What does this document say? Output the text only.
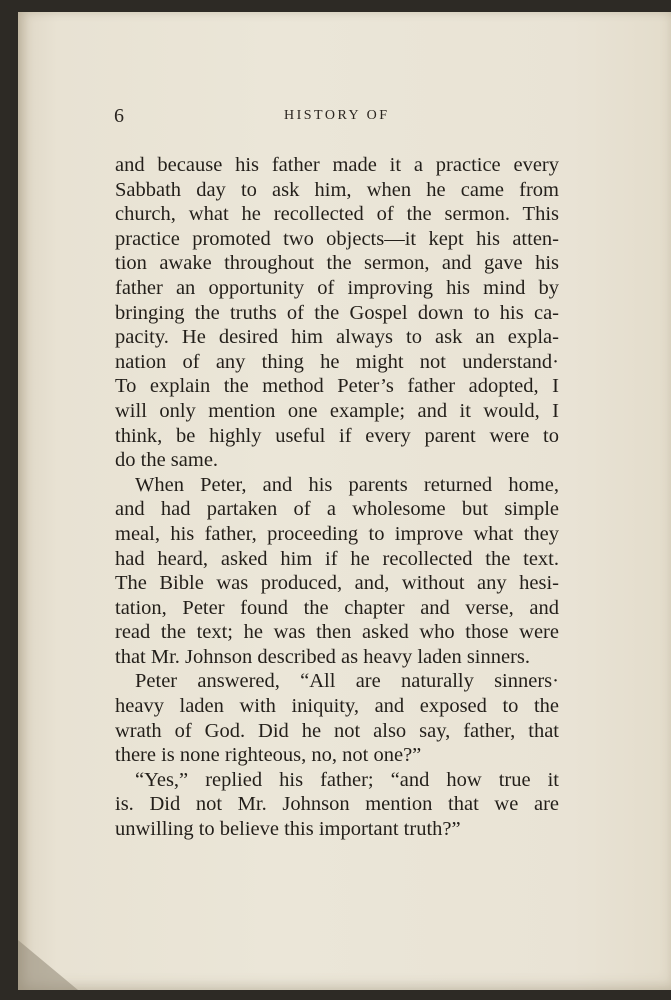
6	HISTORY OF
and because his father made it a practice every
Sabbath day to ask him, when he came from
church, what he recollected of the sermon. This
practice promoted two objects—it kept his atten-
tion awake throughout the sermon, and gave his
father an opportunity of improving his mind by
bringing the truths of the Gospel down to his ca-
pacity. He desired him always to ask an expla-
nation of any thing he might not understand·
To explain the method Peter’s father adopted, I
will only mention one example; and it would, I
think, be highly useful if every parent were to
do the same.
When Peter, and his parents returned home,
and had partaken of a wholesome but simple
meal, his father, proceeding to improve what they
had heard, asked him if he recollected the text.
The Bible was produced, and, without any hesi-
tation, Peter found the chapter and verse, and
read the text; he was then asked who those were
that Mr. Johnson described as heavy laden sinners.
Peter answered, “All are naturally sinners·
heavy laden with iniquity, and exposed to the
wrath of God. Did he not also say, father, that
there is none righteous, no, not one?”
“Yes,” replied his father; “and how true it
is. Did not Mr. Johnson mention that we are
unwilling to believe this important truth?”
